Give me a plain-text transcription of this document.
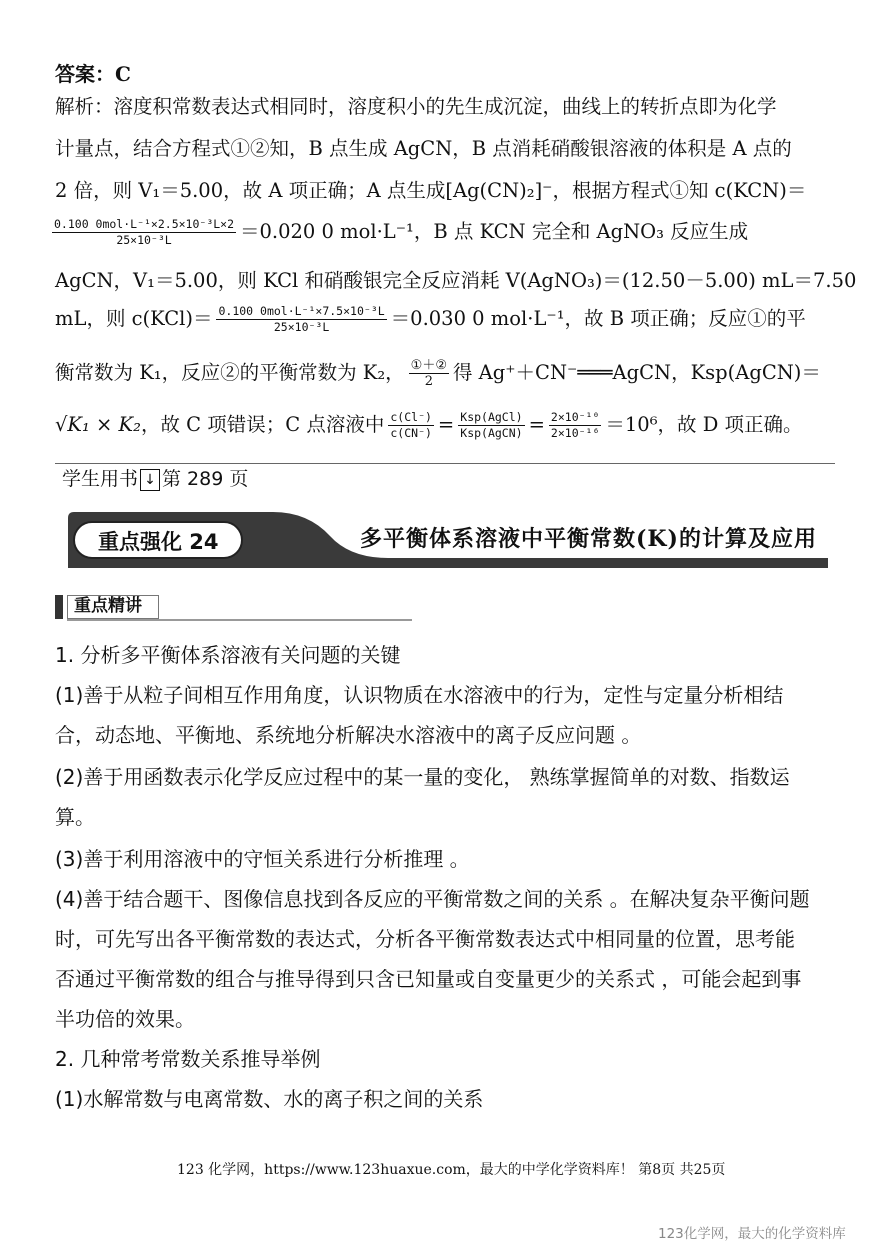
答案：C
解析：溶度积常数表达式相同时，溶度积小的先生成沉淀，曲线上的转折点即为化学
计量点，结合方程式①②知，B 点生成 AgCN，B 点消耗硝酸银溶液的体积是 A 点的
2 倍，则 V₁＝5.00，故 A 项正确；A 点生成[Ag(CN)₂]⁻，根据方程式①知 c(KCN)＝
$\frac{\text{0.100 0mol·L⁻¹×2.5×10⁻³L×2}}{\text{25×10⁻³L}} =0.020$ 0 mol·L⁻¹，B 点 KCN 完全和 AgNO₃ 反应生成
AgCN，V₁＝5.00，则 KCl 和硝酸银完全反应消耗 V(AgNO₃)＝(12.50－5.00) mL＝7.50
mL，则 $c(KCl)= \frac{\text{0.100 0mol·L⁻¹×7.5×10⁻³L}}{\text{25×10⁻³L}} =0.030$ 0 mol·L⁻¹，故 B 项正确；反应①的平
衡常数为 K₁，反应②的平衡常数为 K₂， $\frac{\text{①＋②}}{2}$ 得 Ag⁺＋CN⁻═══AgCN，Ksp(AgCN)＝
√K₁ × K₂，故 C 项错误；C 点溶液中 $\frac{c(Cl^-)}{c(CN^-)} = \frac{\text{Ksp(AgCl)}}{\text{Ksp(AgCN)}} = \frac{\text{2×10⁻¹⁰}}{\text{2×10⁻¹⁶}} =10^6$，故 D 项正确。
学生用书 ↓ 第 289 页
重点强化 24	多平衡体系溶液中平衡常数(K)的计算及应用
重点精讲
1. 分析多平衡体系溶液有关问题的关键
(1)善于从粒子间相互作用角度，认识物质在水溶液中的行为，定性与定量分析相结
合，动态地、平衡地、系统地分析解决水溶液中的离子反应问题 。
(2)善于用函数表示化学反应过程中的某一量的变化， 熟练掌握简单的对数、指数运
算。
(3)善于利用溶液中的守恒关系进行分析推理 。
(4)善于结合题干、图像信息找到各反应的平衡常数之间的关系 。在解决复杂平衡问题
时，可先写出各平衡常数的表达式，分析各平衡常数表达式中相同量的位置，思考能
否通过平衡常数的组合与推导得到只含已知量或自变量更少的关系式 ，可能会起到事
半功倍的效果。
2. 几种常考常数关系推导举例
(1)水解常数与电离常数、水的离子积之间的关系
123 化学网，https://www.123huaxue.com，最大的中学化学资料库！ 第8页 共25页
123化学网，最大的化学资料库
